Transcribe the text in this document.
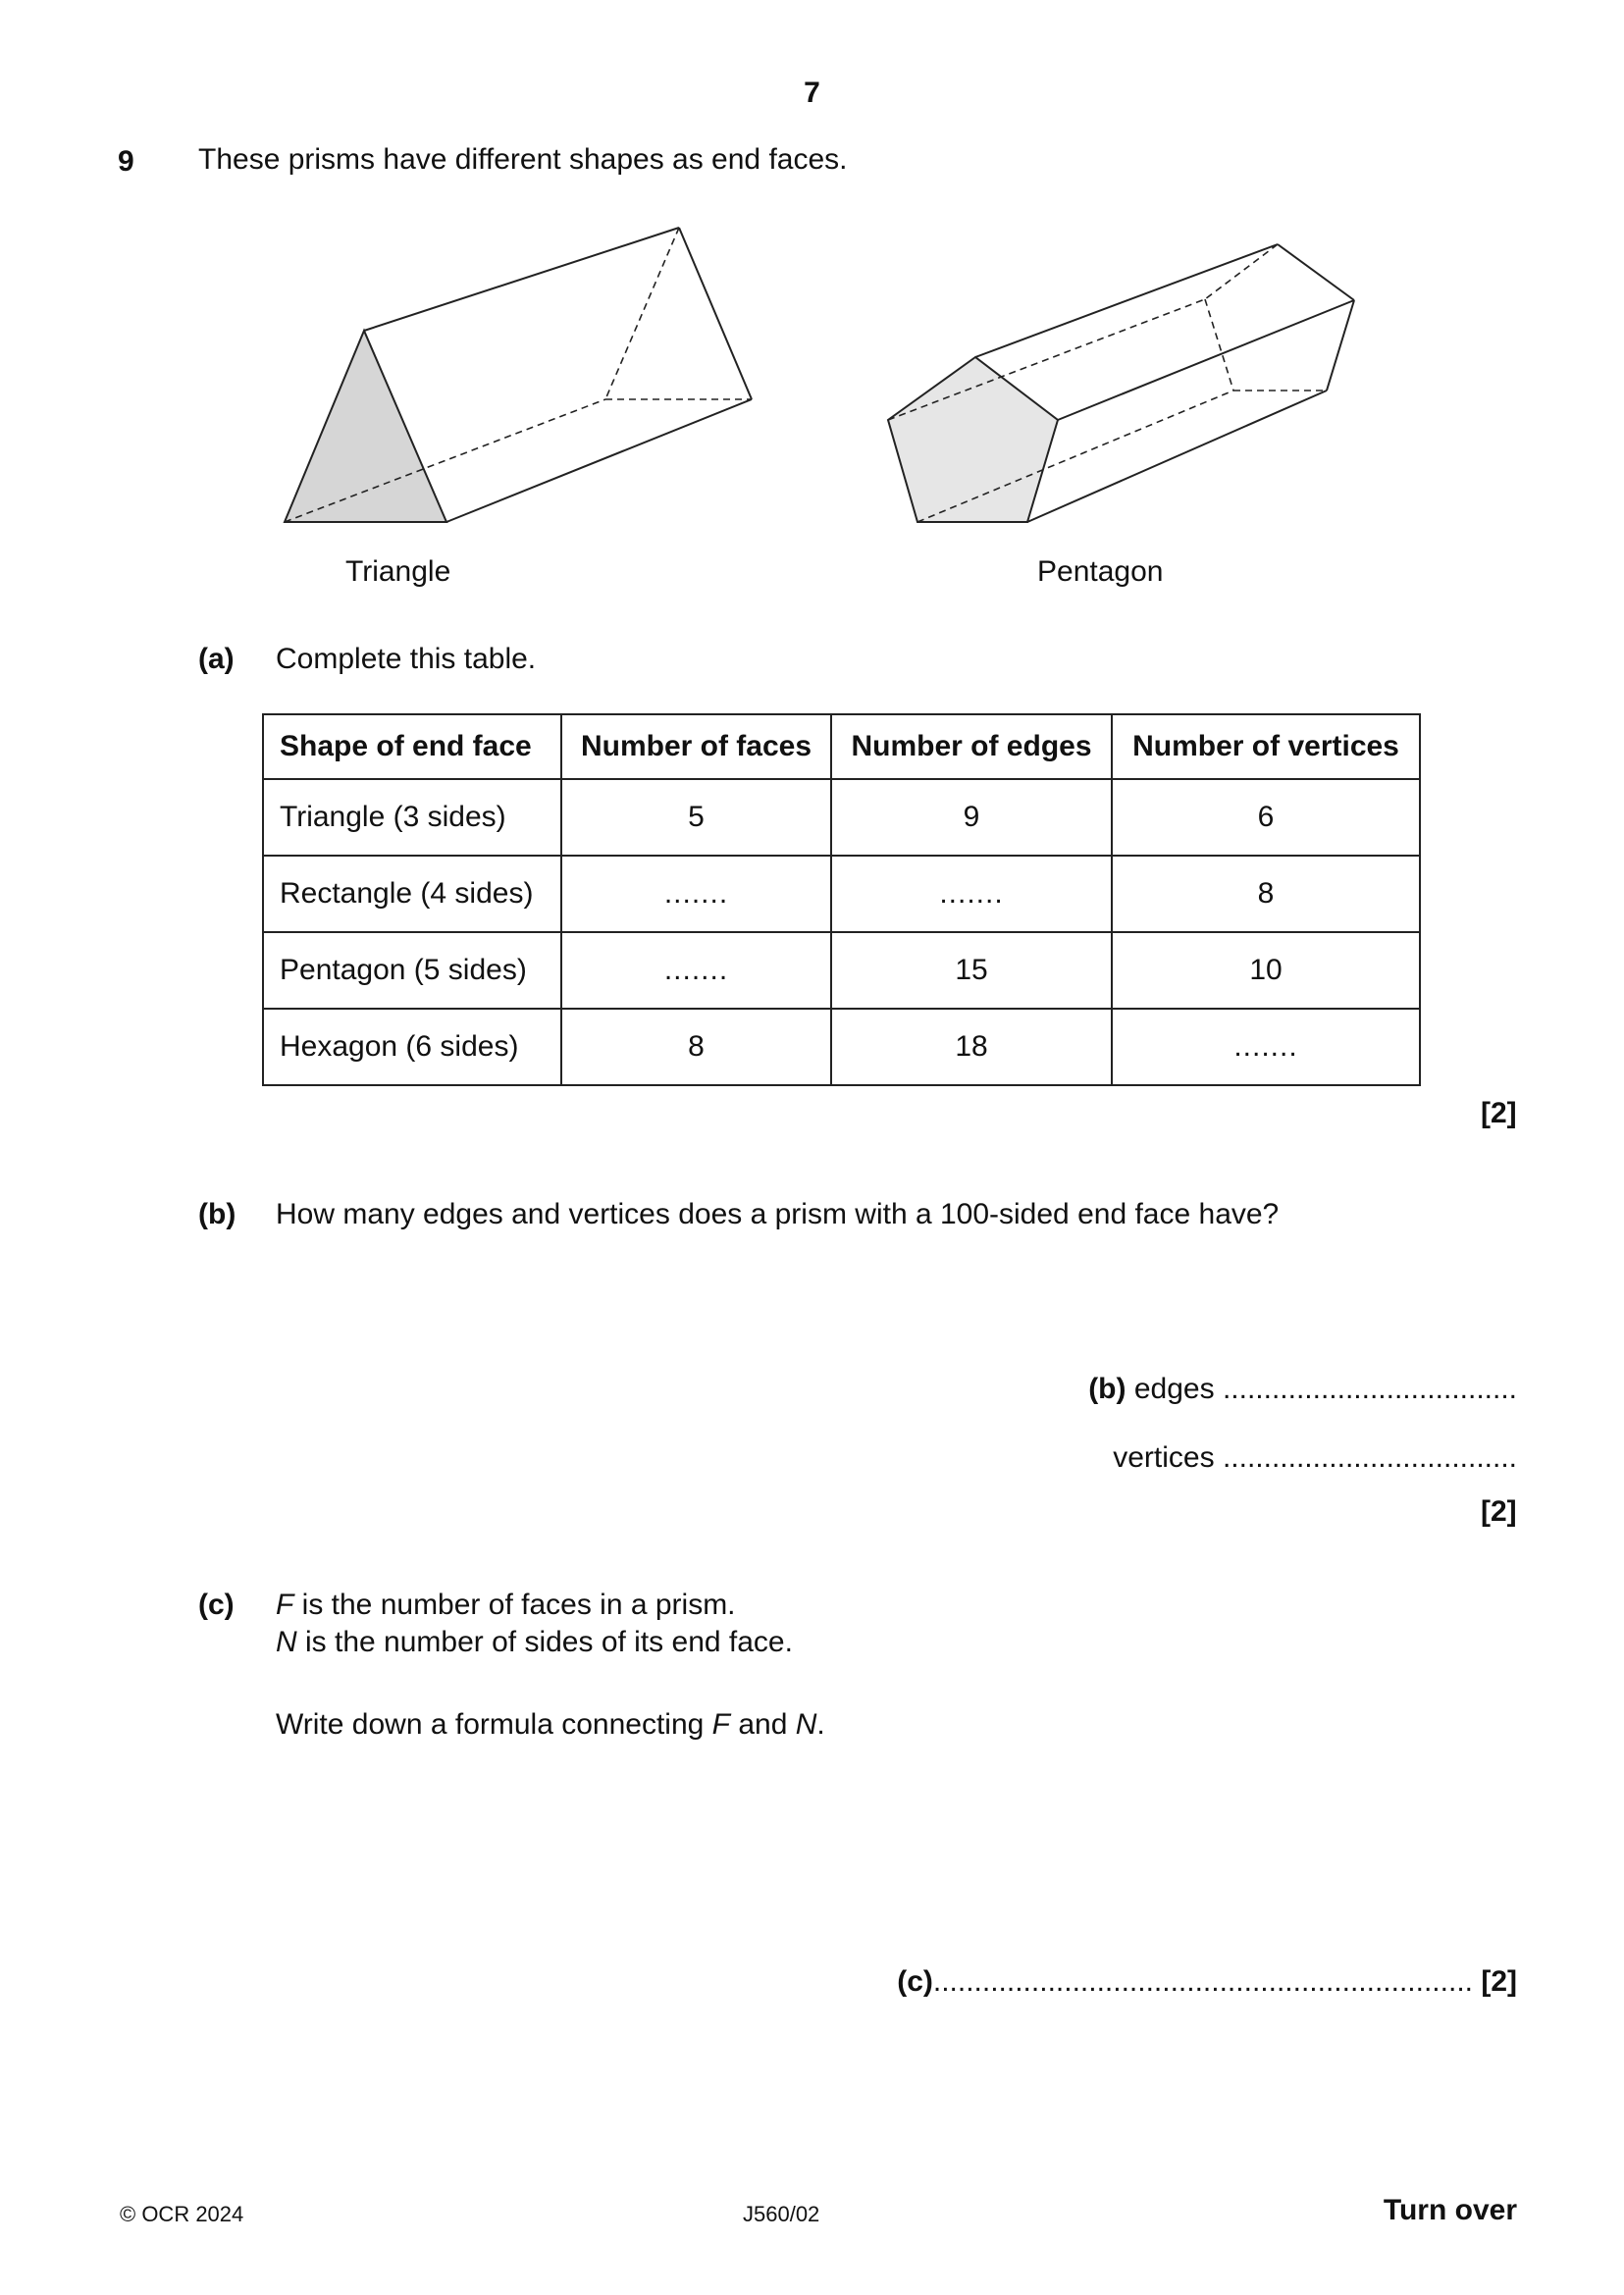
7
9 These prisms have different shapes as end faces.
Triangle	Pentagon
(a) Complete this table.
Shape of end face	Number of faces	Number of edges	Number of vertices
Triangle (3 sides)	5	9	6
Rectangle (4 sides)	.......	.......	8
Pentagon (5 sides)	.......	15	10
Hexagon (6 sides)	8	18	.......
[2]
(b) How many edges and vertices does a prism with a 100-sided end face have?
(b) edges ....................................
vertices ....................................
[2]
(c) F is the number of faces in a prism.
N is the number of sides of its end face.
Write down a formula connecting F and N.
(c).................................................................. [2]
© OCR 2024	J560/02	Turn over
